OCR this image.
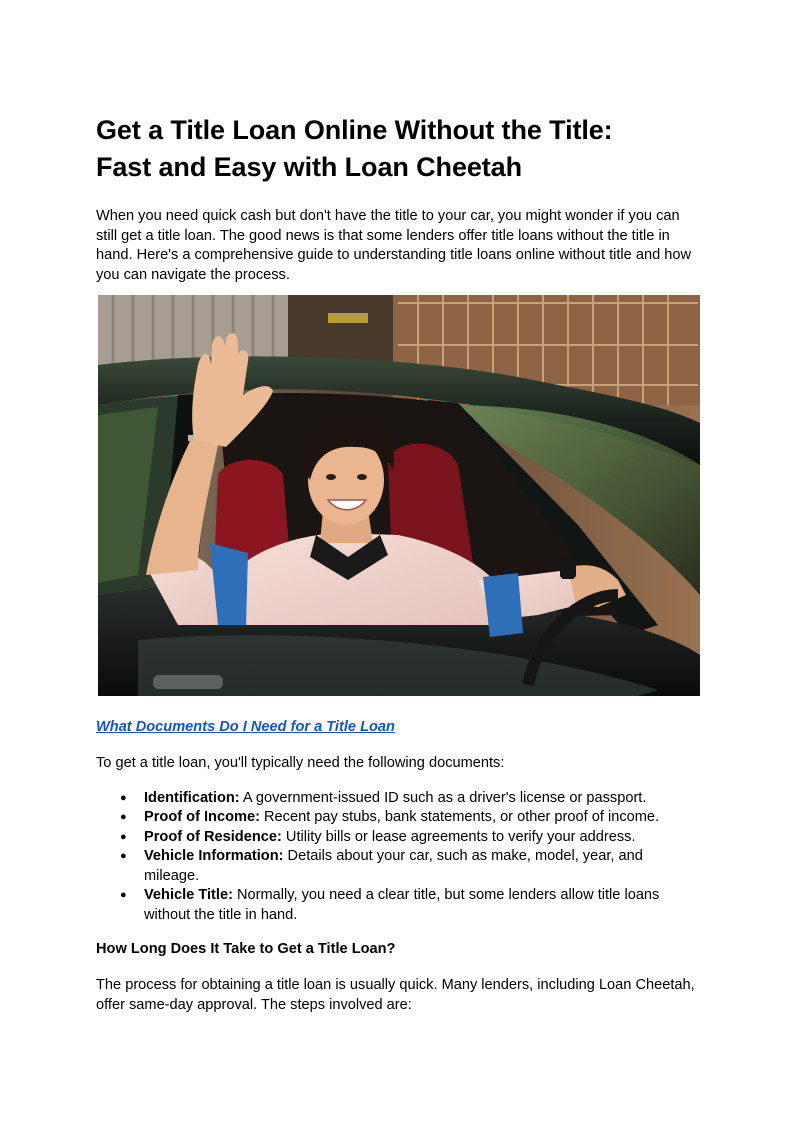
Get a Title Loan Online Without the Title:
Fast and Easy with Loan Cheetah

When you need quick cash but don't have the title to your car, you might wonder if you can still get a title loan. The good news is that some lenders offer title loans without the title in hand. Here's a comprehensive guide to understanding title loans online without title and how you can navigate the process.

What Documents Do I Need for a Title Loan

To get a title loan, you'll typically need the following documents:

● Identification: A government-issued ID such as a driver's license or passport.
● Proof of Income: Recent pay stubs, bank statements, or other proof of income.
● Proof of Residence: Utility bills or lease agreements to verify your address.
● Vehicle Information: Details about your car, such as make, model, year, and mileage.
● Vehicle Title: Normally, you need a clear title, but some lenders allow title loans without the title in hand.

How Long Does It Take to Get a Title Loan?

The process for obtaining a title loan is usually quick. Many lenders, including Loan Cheetah, offer same-day approval. The steps involved are:
